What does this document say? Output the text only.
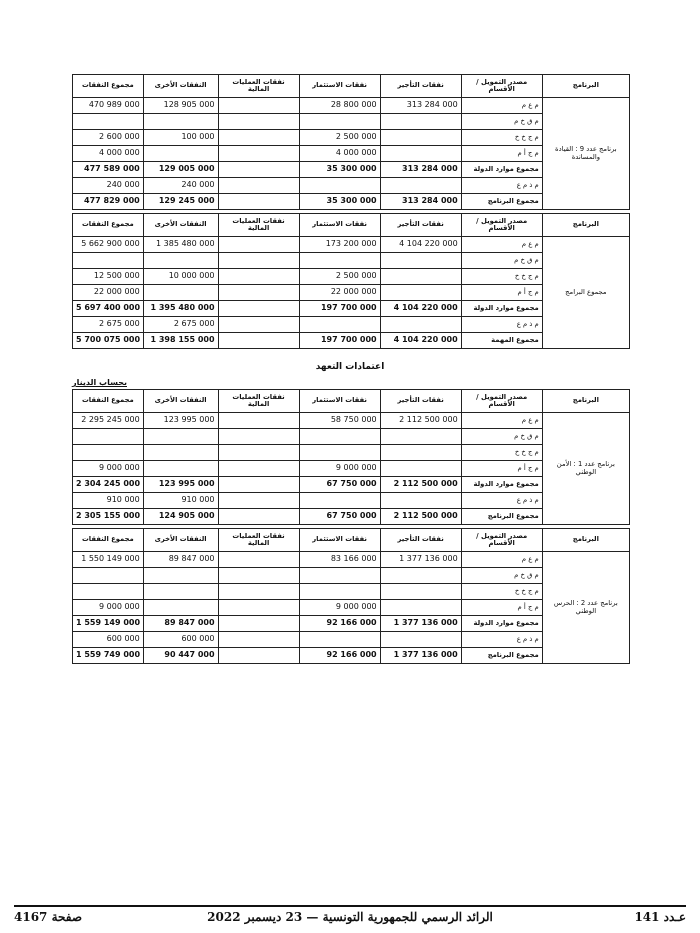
البرنامج	مصدر التمويل / الأقسام	نفقات التأجير	نفقات الاستثمار	نفقات العمليات المالية	النفقات الأخرى	مجموع النفقات
برنامج عدد 9 : القيادة والمساندة	م ع م	313 284 000	28 800 000		128 905 000	470 989 000
	م ق خ م					
	م ج خ خ		2 500 000		100 000	2 600 000
	م ج أ م		4 000 000			4 000 000
	مجموع موارد الدولة	313 284 000	35 300 000		129 005 000	477 589 000
	م ذ م ع				240 000	240 000
	مجموع البرنامج	313 284 000	35 300 000		129 245 000	477 829 000
البرنامج	مصدر التمويل / الأقسام	نفقات التأجير	نفقات الاستثمار	نفقات العمليات المالية	النفقات الأخرى	مجموع النفقات
مجموع البرامج	م ع م	4 104 220 000	173 200 000		1 385 480 000	5 662 900 000
	م ق خ م					
	م ج خ خ		2 500 000		10 000 000	12 500 000
	م ج أ م		22 000 000			22 000 000
	مجموع موارد الدولة	4 104 220 000	197 700 000		1 395 480 000	5 697 400 000
	م ذ م ع				2 675 000	2 675 000
	مجموع المهمة	4 104 220 000	197 700 000		1 398 155 000	5 700 075 000
اعتمادات التعهد
بحساب الدينار
البرنامج	مصدر التمويل / الأقسام	نفقات التأجير	نفقات الاستثمار	نفقات العمليات المالية	النفقات الأخرى	مجموع النفقات
برنامج عدد 1 : الأمن الوطني	م ع م	2 112 500 000	58 750 000		123 995 000	2 295 245 000
	م ق خ م					
	م ج خ خ					
	م ج أ م		9 000 000			9 000 000
	مجموع موارد الدولة	2 112 500 000	67 750 000		123 995 000	2 304 245 000
	م ذ م ع				910 000	910 000
	مجموع البرنامج	2 112 500 000	67 750 000		124 905 000	2 305 155 000
البرنامج	مصدر التمويل / الأقسام	نفقات التأجير	نفقات الاستثمار	نفقات العمليات المالية	النفقات الأخرى	مجموع النفقات
برنامج عدد 2 : الحرس الوطني	م ع م	1 377 136 000	83 166 000		89 847 000	1 550 149 000
	م ق خ م					
	م ج خ خ					
	م ج أ م		9 000 000			9 000 000
	مجموع موارد الدولة	1 377 136 000	92 166 000		89 847 000	1 559 149 000
	م ذ م ع				600 000	600 000
	مجموع البرنامج	1 377 136 000	92 166 000		90 447 000	1 559 749 000
صفحة 4167	الرائد الرسمي للجمهورية التونسية — 23 ديسمبر 2022	عـدد 141
